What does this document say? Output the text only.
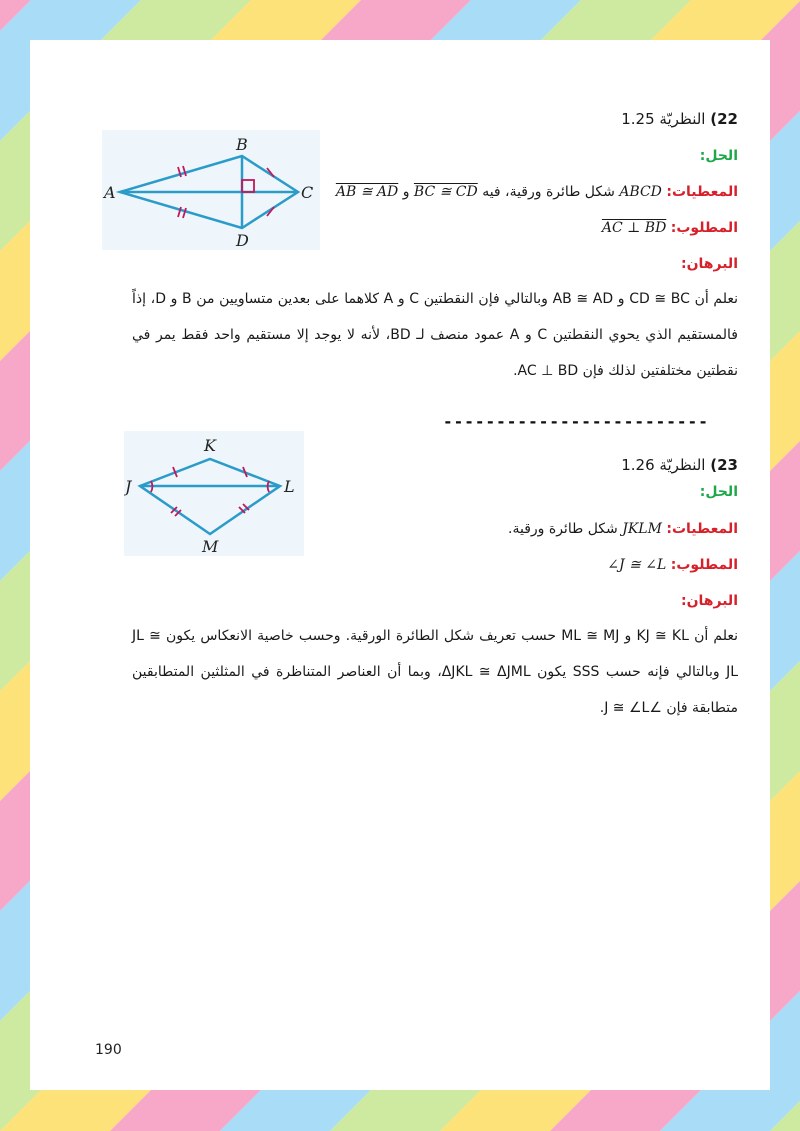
22) النظريّة 1.25
الحل:
المعطيات: ABCD شكل طائرة ورقية، فيه BC ≅ CD و AB ≅ AD
المطلوب: AC ⊥ BD
البرهان:
نعلم أن CD ≅ BC و AB ≅ AD وبالتالي فإن النقطتين C و A كلاهما على بعدين متساويين من B و D، إذاً فالمستقيم الذي يحوي النقطتين C و A عمود منصف لـ BD، لأنه لا يوجد إلا مستقيم واحد فقط يمر في نقطتين مختلفتين لذلك فإن AC ⊥ BD.
A
B
C
D
-------------------------
23) النظريّة 1.26
الحل:
المعطيات: JKLM شكل طائرة ورقية.
المطلوب: ∠J ≅ ∠L
البرهان:
نعلم أن KJ ≅ KL و ML ≅ MJ حسب تعريف شكل الطائرة الورقية. وحسب خاصية الانعكاس يكون JL ≅ JL وبالتالي فإنه حسب SSS يكون ΔJKL ≅ ΔJML، وبما أن العناصر المتناظرة في المثلثين المتطابقين متطابقة فإن ∠J ≅ ∠L.
J
K
L
M
190
